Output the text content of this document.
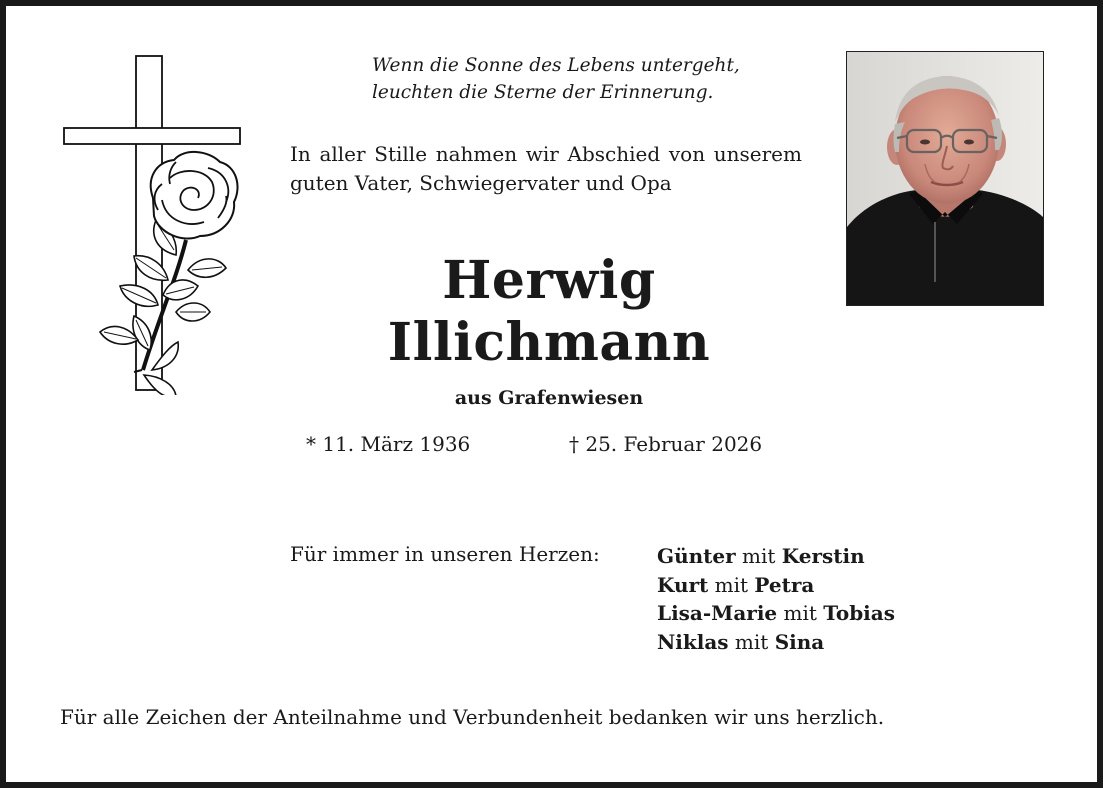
Wenn die Sonne des Lebens untergeht,
leuchten die Sterne der Erinnerung.
In aller Stille nahmen wir Abschied von unserem guten Vater, Schwiegervater und Opa
Herwig
Illichmann
aus Grafenwiesen
* 11. März 1936	† 25. Februar 2026
Für immer in unseren Herzen:	Günter mit Kerstin
Kurt mit Petra
Lisa-Marie mit Tobias
Niklas mit Sina
Für alle Zeichen der Anteilnahme und Verbundenheit bedanken wir uns herzlich.
